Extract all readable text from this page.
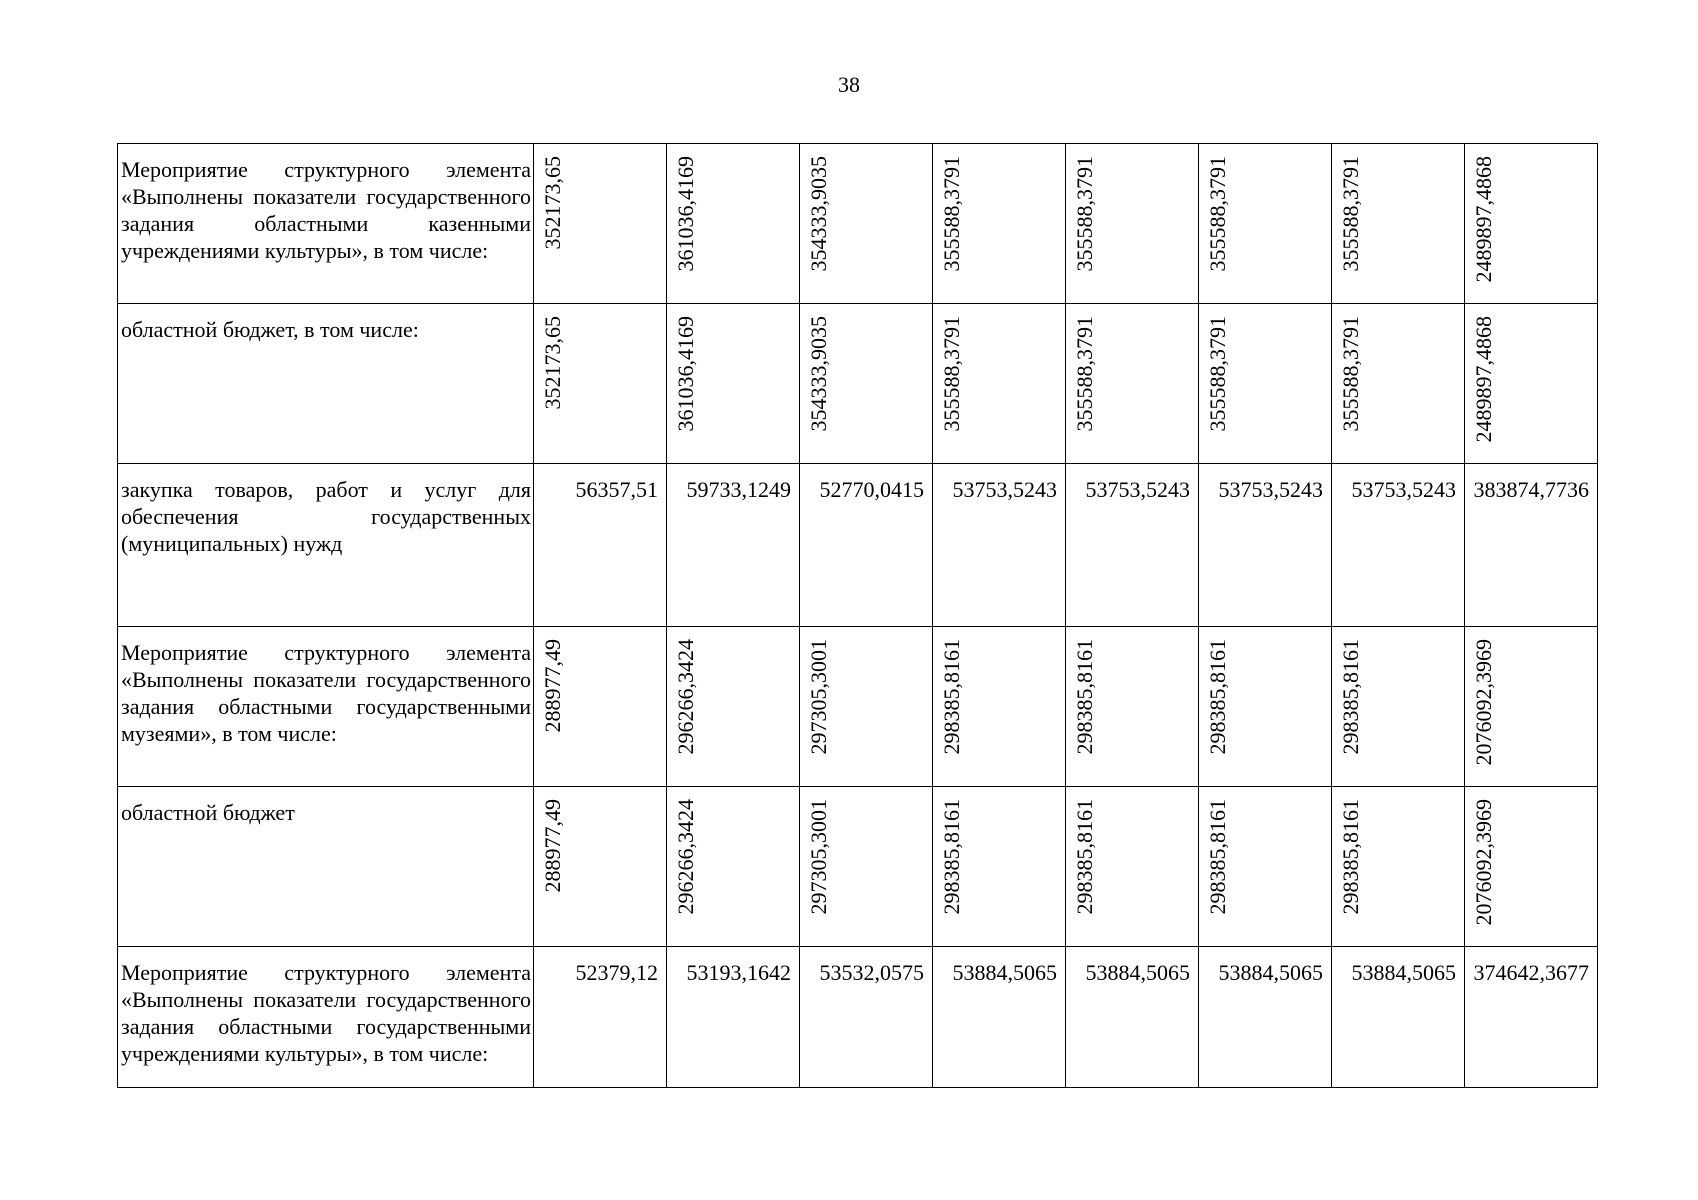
38
Мероприятие структурного элемента «Выполнены показатели государственного задания областными казенными учреждениями культуры», в том числе:	352173,65	361036,4169	354333,9035	355588,3791	355588,3791	355588,3791	355588,3791	2489897,4868

областной бюджет, в том числе:	352173,65	361036,4169	354333,9035	355588,3791	355588,3791	355588,3791	355588,3791	2489897,4868

закупка товаров, работ и услуг для обеспечения государственных (муниципальных) нужд	56357,51	59733,1249	52770,0415	53753,5243	53753,5243	53753,5243	53753,5243	383874,7736

Мероприятие структурного элемента «Выполнены показатели государственного задания областными государственными музеями», в том числе:	288977,49	296266,3424	297305,3001	298385,8161	298385,8161	298385,8161	298385,8161	2076092,3969

областной бюджет	288977,49	296266,3424	297305,3001	298385,8161	298385,8161	298385,8161	298385,8161	2076092,3969

Мероприятие структурного элемента «Выполнены показатели государственного задания областными государственными учреждениями культуры», в том числе:	52379,12	53193,1642	53532,0575	53884,5065	53884,5065	53884,5065	53884,5065	374642,3677
